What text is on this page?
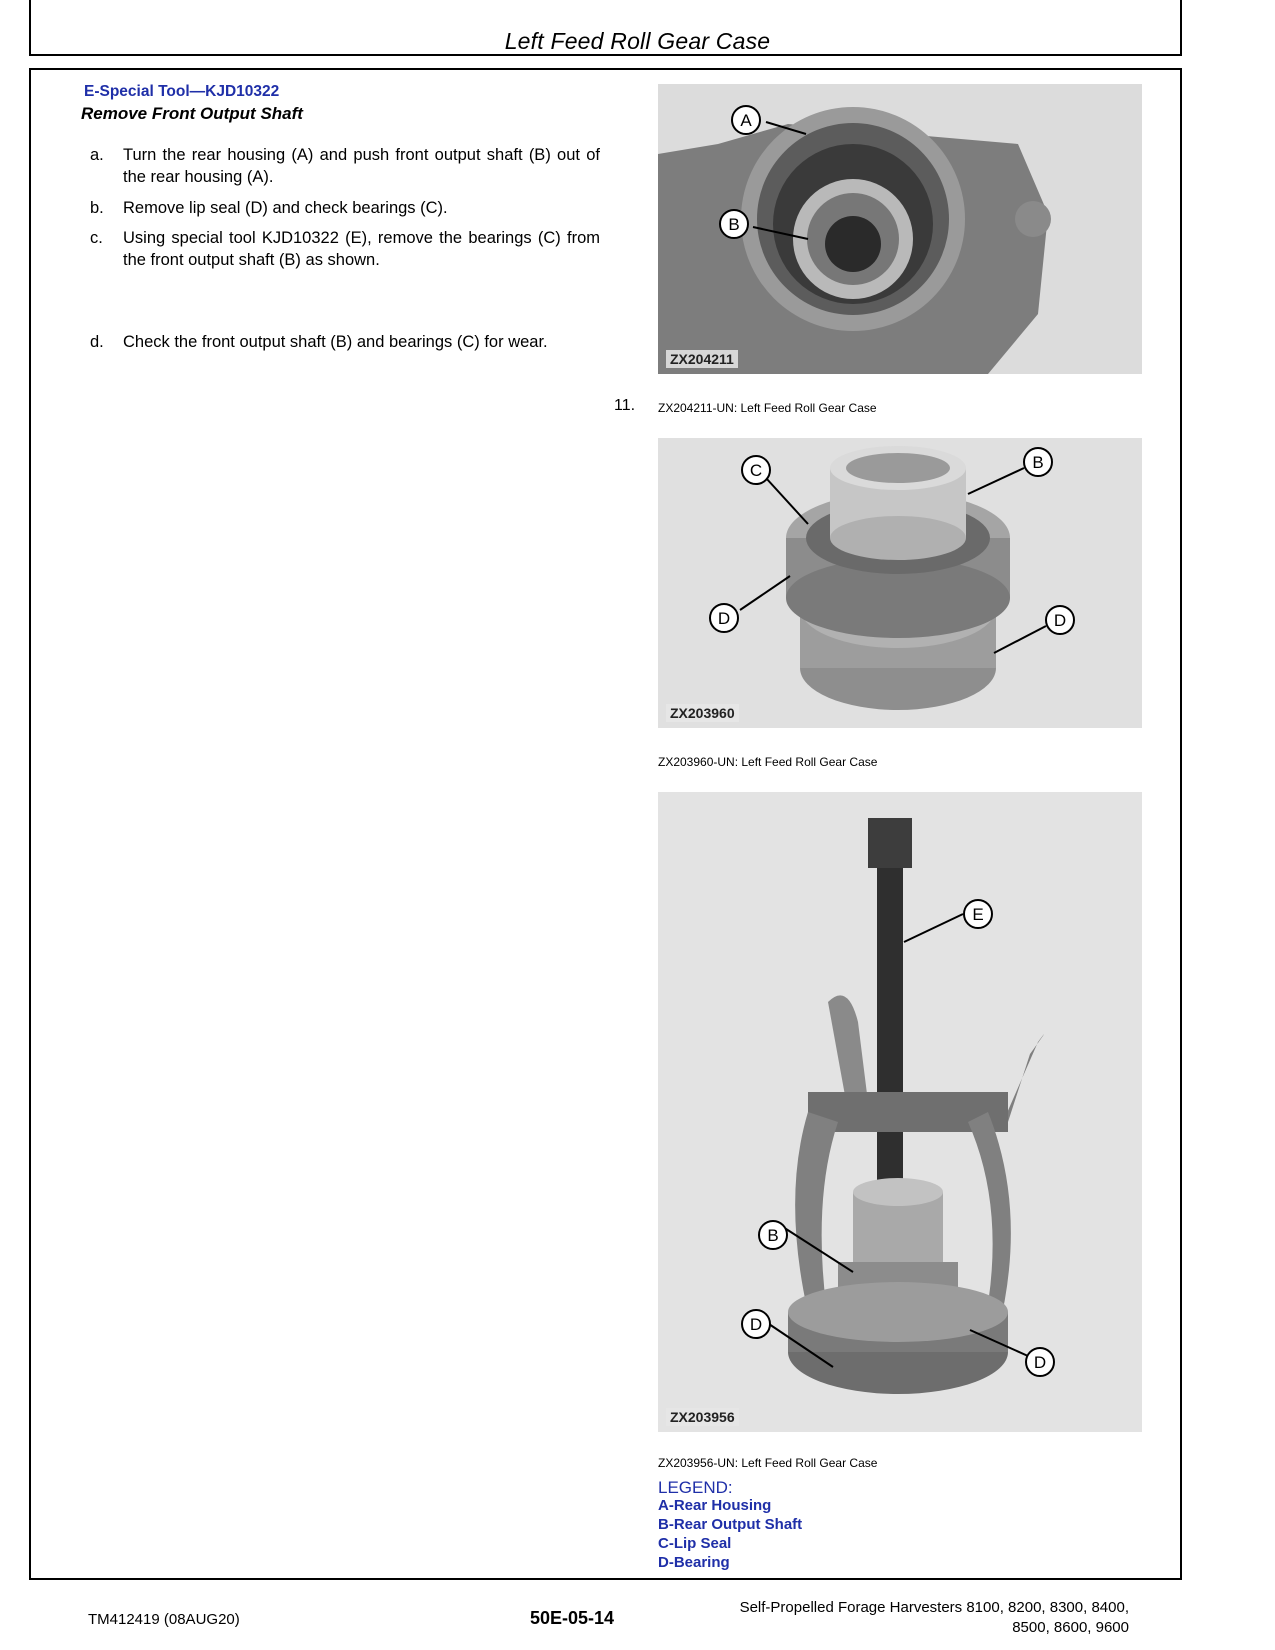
Left Feed Roll Gear Case
E-Special Tool—KJD10322
Remove Front Output Shaft
a.	Turn the rear housing (A) and push front output shaft (B) out of the rear housing (A).
b.	Remove lip seal (D) and check bearings (C).
c.	Using special tool KJD10322 (E), remove the bearings (C) from the front output shaft (B) as shown.
d.	Check the front output shaft (B) and bearings (C) for wear.
11.
A
B
ZX204211
ZX204211-UN: Left Feed Roll Gear Case
C	B
D	D
ZX203960
ZX203960-UN: Left Feed Roll Gear Case
E
B
D
D
ZX203956
ZX203956-UN: Left Feed Roll Gear Case
LEGEND:
A-Rear Housing
B-Rear Output Shaft
C-Lip Seal
D-Bearing
TM412419 (08AUG20)	50E-05-14
Self-Propelled Forage Harvesters 8100, 8200, 8300, 8400,
8500, 8600, 9600
